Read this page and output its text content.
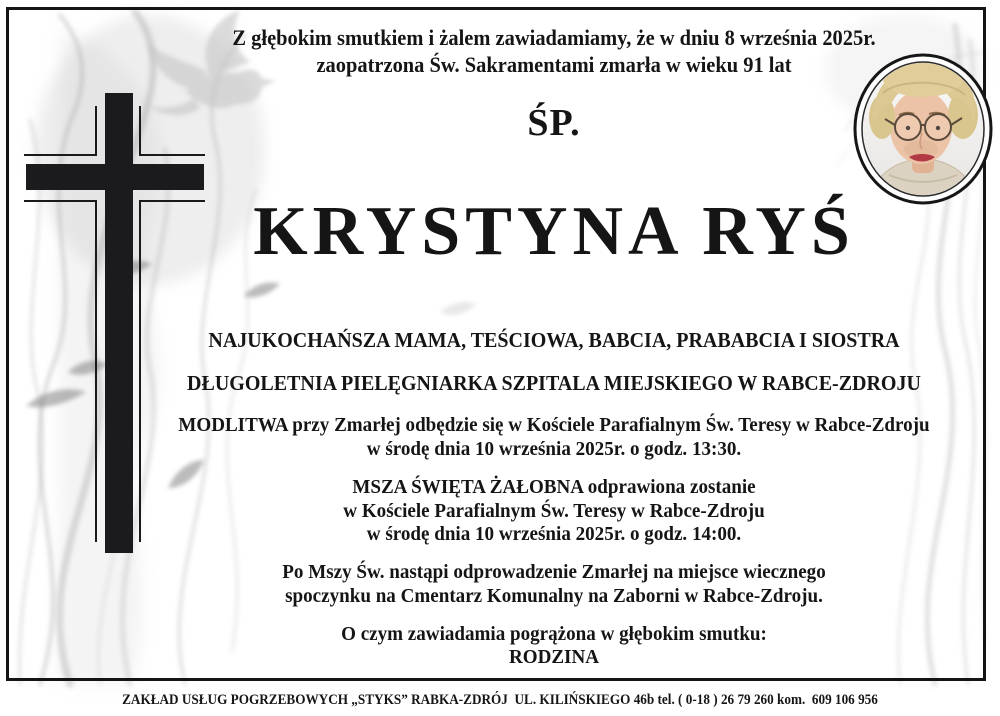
Z głębokim smutkiem i żalem zawiadamiamy, że w dniu 8 września 2025r.
zaopatrzona Św. Sakramentami zmarła w wieku 91 lat
ŚP.
KRYSTYNA RYŚ
NAJUKOCHAŃSZA MAMA, TEŚCIOWA, BABCIA, PRABABCIA I SIOSTRA
DŁUGOLETNIA PIELĘGNIARKA SZPITALA MIEJSKIEGO W RABCE-ZDROJU
MODLITWA przy Zmarłej odbędzie się w Kościele Parafialnym Św. Teresy w Rabce-Zdroju
w środę dnia 10 września 2025r. o godz. 13:30.
MSZA ŚWIĘTA ŻAŁOBNA odprawiona zostanie
w Kościele Parafialnym Św. Teresy w Rabce-Zdroju
w środę dnia 10 września 2025r. o godz. 14:00.
Po Mszy Św. nastąpi odprowadzenie Zmarłej na miejsce wiecznego
spoczynku na Cmentarz Komunalny na Zaborni w Rabce-Zdroju.
O czym zawiadamia pogrążona w głębokim smutku:
RODZINA
ZAKŁAD USŁUG POGRZEBOWYCH „STYKS” RABKA-ZDRÓJ  UL. KILIŃSKIEGO 46b tel. ( 0-18 ) 26 79 260 kom.  609 106 956
